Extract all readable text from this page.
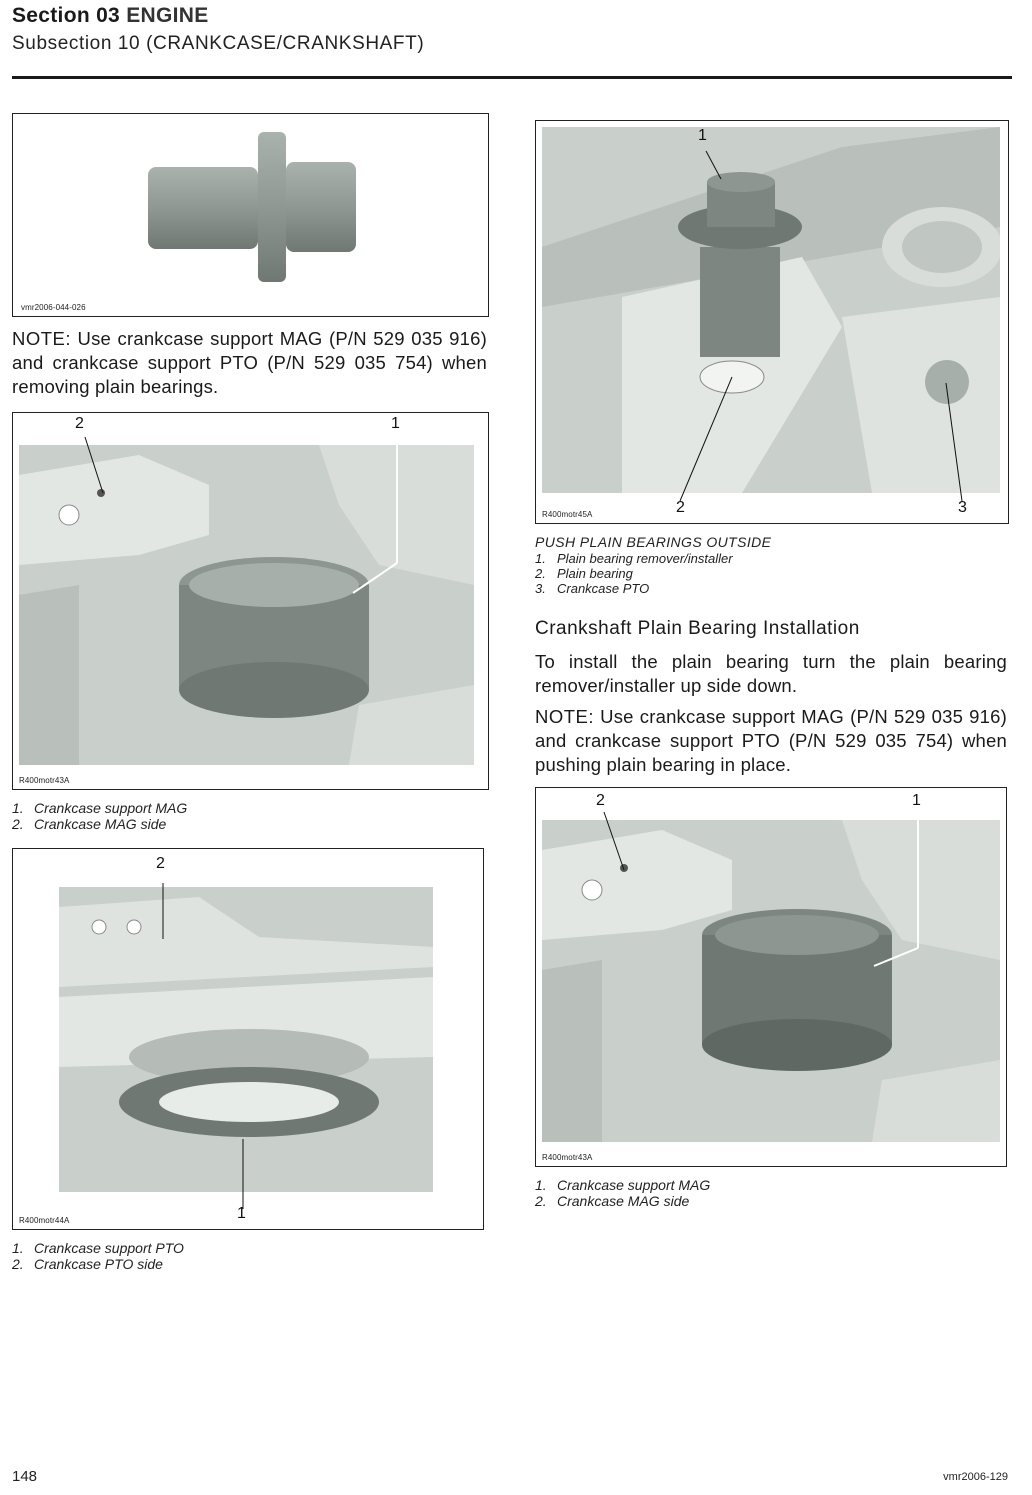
Section 03 ENGINE
Subsection 10 (CRANKCASE/CRANKSHAFT)
vmr2006-044-026
NOTE: Use crankcase support MAG (P/N 529 035 916) and crankcase support PTO (P/N 529 035 754) when removing plain bearings.
2	1
R400motr43A
1. Crankcase support MAG
2. Crankcase MAG side
2
1
R400motr44A
1. Crankcase support PTO
2. Crankcase PTO side
1
2	3
R400motr45A
PUSH PLAIN BEARINGS OUTSIDE
1. Plain bearing remover/installer
2. Plain bearing
3. Crankcase PTO
Crankshaft Plain Bearing Installation
To install the plain bearing turn the plain bearing remover/installer up side down.
NOTE: Use crankcase support MAG (P/N 529 035 916) and crankcase support PTO (P/N 529 035 754) when pushing plain bearing in place.
2	1
R400motr43A
1. Crankcase support MAG
2. Crankcase MAG side
148	vmr2006-129
